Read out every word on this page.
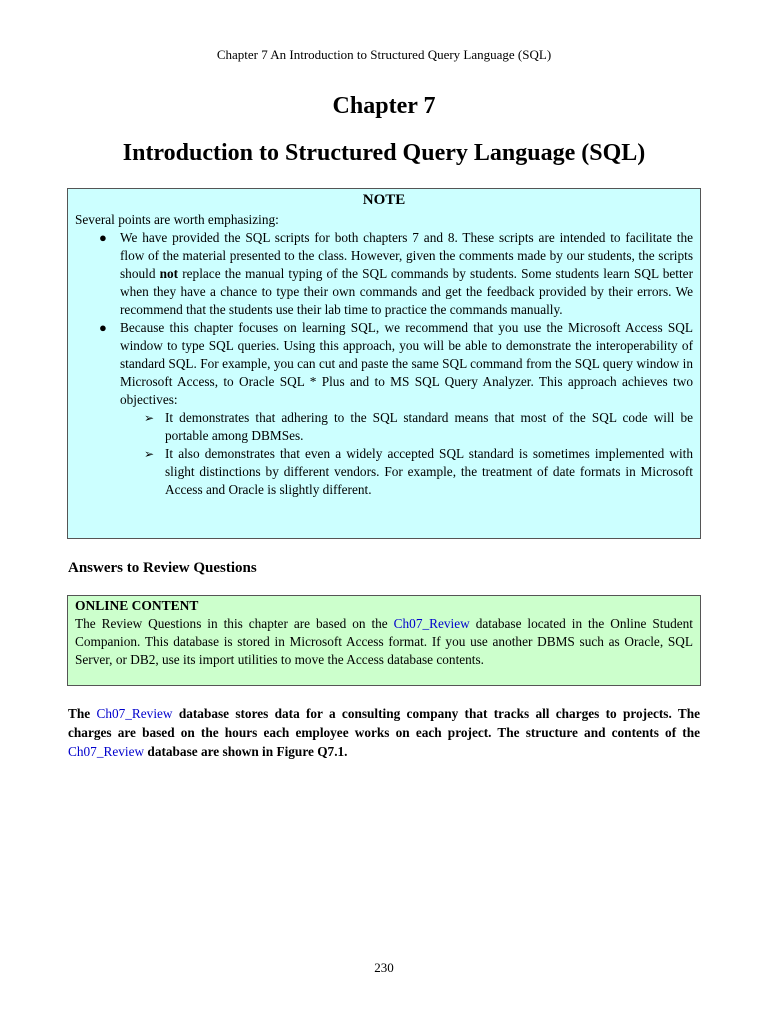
Chapter 7 An Introduction to Structured Query Language (SQL)
Chapter 7
Introduction to Structured Query Language (SQL)
NOTE
Several points are worth emphasizing:
● We have provided the SQL scripts for both chapters 7 and 8. These scripts are intended to facilitate the flow of the material presented to the class. However, given the comments made by our students, the scripts should not replace the manual typing of the SQL commands by students. Some students learn SQL better when they have a chance to type their own commands and get the feedback provided by their errors. We recommend that the students use their lab time to practice the commands manually.
● Because this chapter focuses on learning SQL, we recommend that you use the Microsoft Access SQL window to type SQL queries. Using this approach, you will be able to demonstrate the interoperability of standard SQL. For example, you can cut and paste the same SQL command from the SQL query window in Microsoft Access, to Oracle SQL * Plus and to MS SQL Query Analyzer. This approach achieves two objectives:
➢ It demonstrates that adhering to the SQL standard means that most of the SQL code will be portable among DBMSes.
➢ It also demonstrates that even a widely accepted SQL standard is sometimes implemented with slight distinctions by different vendors. For example, the treatment of date formats in Microsoft Access and Oracle is slightly different.
Answers to Review Questions
ONLINE CONTENT
The Review Questions in this chapter are based on the Ch07_Review database located in the Online Student Companion. This database is stored in Microsoft Access format. If you use another DBMS such as Oracle, SQL Server, or DB2, use its import utilities to move the Access database contents.
The Ch07_Review database stores data for a consulting company that tracks all charges to projects. The charges are based on the hours each employee works on each project. The structure and contents of the Ch07_Review database are shown in Figure Q7.1.
230
